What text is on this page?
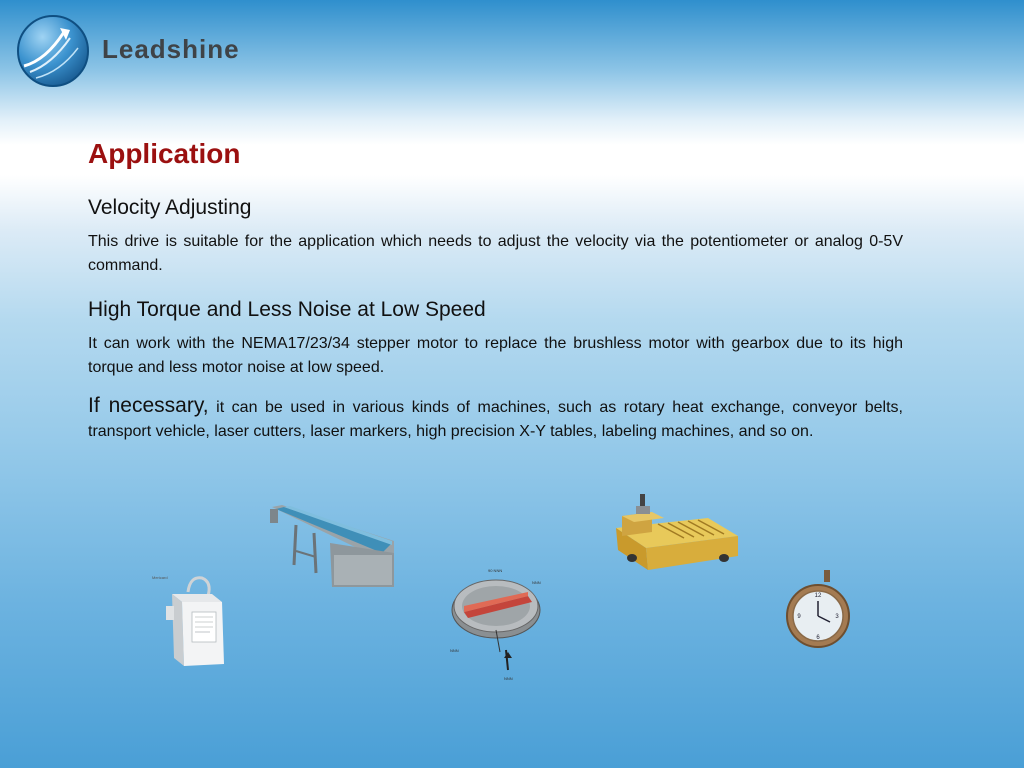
Leadshine
Application
Velocity Adjusting
This drive is suitable for the application which needs to adjust the velocity via the potentiometer or analog 0-5V command.
High Torque and Less Noise at Low Speed
It can work with the NEMA17/23/34 stepper motor to replace the brushless motor with gearbox due to its high torque and less motor noise at low speed.
If necessary, it can be used in various kinds of machines, such as rotary heat exchange, conveyor belts, transport vehicle, laser cutters, laser markers, high precision X-Y tables, labeling machines, and so on.
Mericard
90 NNN
NNN
NNN
NNN
12
3
6
9
